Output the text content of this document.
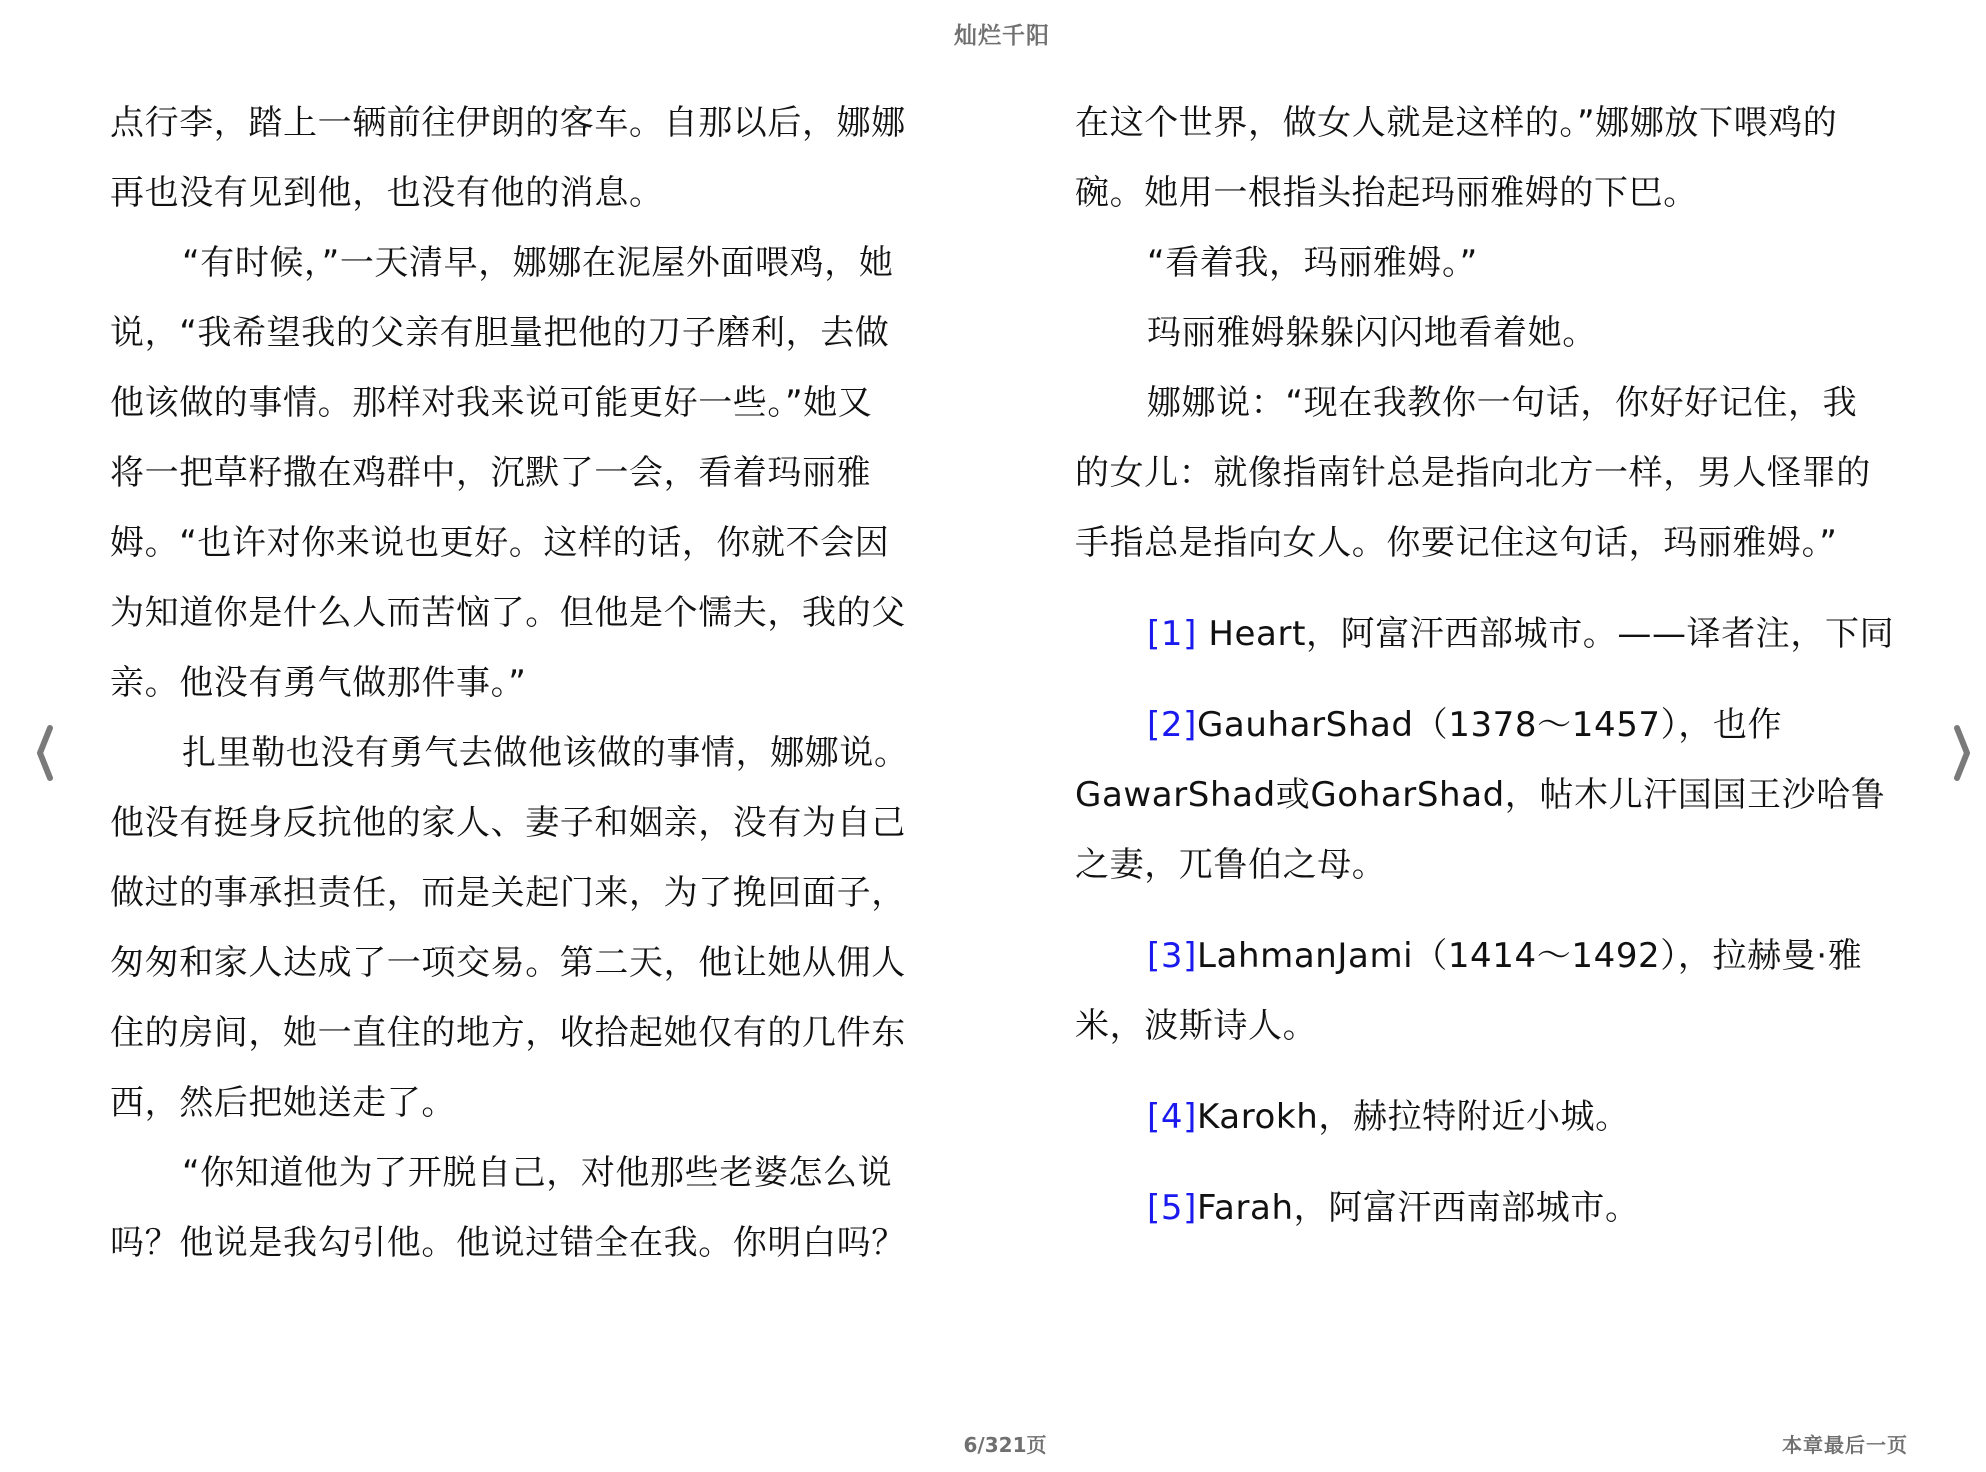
灿烂千阳
点行李，踏上一辆前往伊朗的客车。自那以后，娜娜
再也没有见到他，也没有他的消息。
“有时候，”一天清早，娜娜在泥屋外面喂鸡，她
说，“我希望我的父亲有胆量把他的刀子磨利，去做
他该做的事情。那样对我来说可能更好一些。”她又
将一把草籽撒在鸡群中，沉默了一会，看着玛丽雅
姆。“也许对你来说也更好。这样的话，你就不会因
为知道你是什么人而苦恼了。但他是个懦夫，我的父
亲。他没有勇气做那件事。”
扎里勒也没有勇气去做他该做的事情，娜娜说。
他没有挺身反抗他的家人、妻子和姻亲，没有为自己
做过的事承担责任，而是关起门来，为了挽回面子，
匆匆和家人达成了一项交易。第二天，他让她从佣人
住的房间，她一直住的地方，收拾起她仅有的几件东
西，然后把她送走了。
“你知道他为了开脱自己，对他那些老婆怎么说
吗？他说是我勾引他。他说过错全在我。你明白吗？
在这个世界，做女人就是这样的。”娜娜放下喂鸡的
碗。她用一根指头抬起玛丽雅姆的下巴。
“看着我，玛丽雅姆。”
玛丽雅姆躲躲闪闪地看着她。
娜娜说：“现在我教你一句话，你好好记住，我
的女儿：就像指南针总是指向北方一样，男人怪罪的
手指总是指向女人。你要记住这句话，玛丽雅姆。”
[1] Heart，阿富汗西部城市。——译者注，下同
[2]GauharShad（1378～1457），也作
GawarShad或GoharShad，帖木儿汗国国王沙哈鲁
之妻，兀鲁伯之母。
[3]LahmanJami（1414～1492），拉赫曼·雅
米，波斯诗人。
[4]Karokh，赫拉特附近小城。
[5]Farah，阿富汗西南部城市。
6/321页	本章最后一页
